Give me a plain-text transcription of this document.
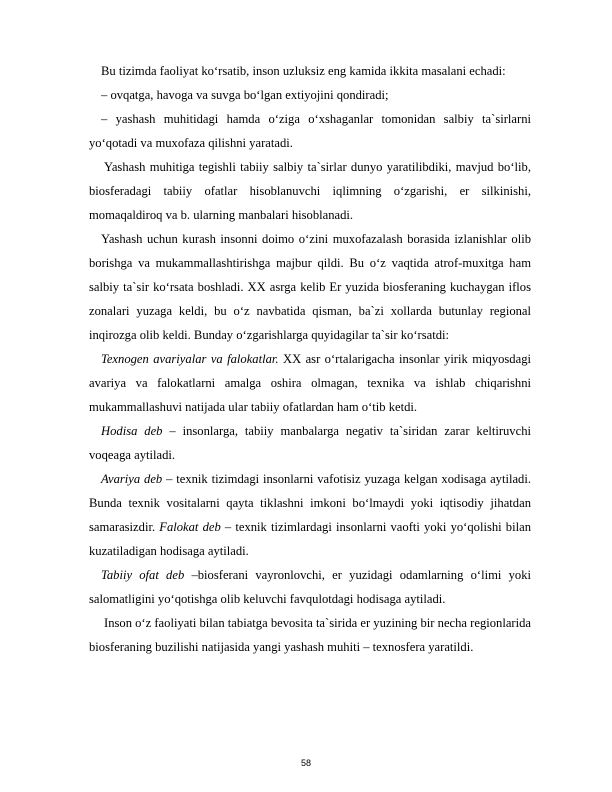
Bu tizimda faoliyat ko‘rsatib, inson uzluksiz eng kamida ikkita masalani echadi:

– ovqatga, havoga va suvga bo‘lgan extiyojini qondiradi;

– yashash muhitidagi hamda o‘ziga o‘xshaganlar tomonidan salbiy ta`sirlarni yo‘qotadi va muxofaza qilishni yaratadi.

Yashash muhitiga tegishli tabiiy salbiy ta`sirlar dunyo yaratilibdiki, mavjud bo‘lib, biosferadagi tabiiy ofatlar hisoblanuvchi iqlimning o‘zgarishi, er silkinishi, momaqaldiroq va b. ularning manbalari hisoblanadi.

Yashash uchun kurash insonni doimo o‘zini muxofazalash borasida izlanishlar olib borishga va mukammallashtirishga majbur qildi. Bu o‘z vaqtida atrof-muxitga ham salbiy ta`sir ko‘rsata boshladi. XX asrga kelib Er yuzida biosferaning kuchaygan iflos zonalari yuzaga keldi, bu o‘z navbatida qisman, ba`zi xollarda butunlay regional inqirozga olib keldi. Bunday o‘zgarishlarga quyidagilar ta`sir ko‘rsatdi:

Texnogen avariyalar va falokatlar. XX asr o‘rtalarigacha insonlar yirik miqyosdagi avariya va falokatlarni amalga oshira olmagan, texnika va ishlab chiqarishni mukammallashuvi natijada ular tabiiy ofatlardan ham o‘tib ketdi.

Hodisa deb – insonlarga, tabiiy manbalarga negativ ta`siridan zarar keltiruvchi voqeaga aytiladi.

Avariya deb – texnik tizimdagi insonlarni vafotisiz yuzaga kelgan xodisaga aytiladi. Bunda texnik vositalarni qayta tiklashni imkoni bo‘lmaydi yoki iqtisodiy jihatdan samarasizdir. Falokat deb – texnik tizimlardagi insonlarni vaofti yoki yo‘qolishi bilan kuzatiladigan hodisaga aytiladi.

Tabiiy ofat deb –biosferani vayronlovchi, er yuzidagi odamlarning o‘limi yoki salomatligini yo‘qotishga olib keluvchi favqulotdagi hodisaga aytiladi.

Inson o‘z faoliyati bilan tabiatga bevosita ta`sirida er yuzining bir necha regionlarida biosferaning buzilishi natijasida yangi yashash muhiti – texnosfera yaratildi.

58
